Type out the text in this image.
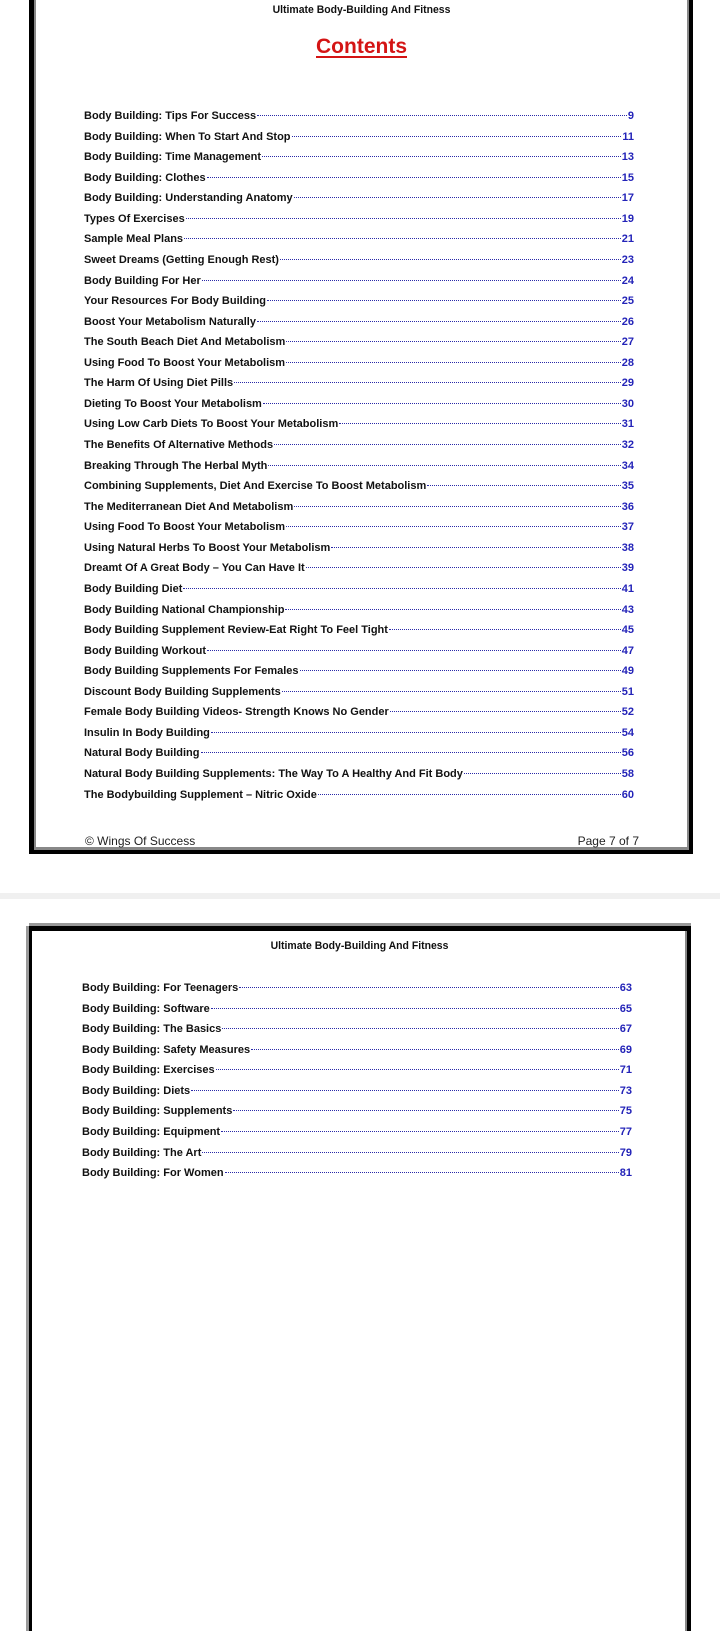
Ultimate Body-Building And Fitness
Contents
Body Building: Tips For Success	9
Body Building: When To Start And Stop	11
Body Building: Time Management	13
Body Building: Clothes	15
Body Building: Understanding Anatomy	17
Types Of Exercises	19
Sample Meal Plans	21
Sweet Dreams (Getting Enough Rest)	23
Body Building For Her	24
Your Resources For Body Building	25
Boost Your Metabolism Naturally	26
The South Beach Diet And Metabolism	27
Using Food To Boost Your Metabolism	28
The Harm Of Using Diet Pills	29
Dieting To Boost Your Metabolism	30
Using Low Carb Diets To Boost Your Metabolism	31
The Benefits Of Alternative Methods	32
Breaking Through The Herbal Myth	34
Combining Supplements, Diet And Exercise To Boost Metabolism	35
The Mediterranean Diet And Metabolism	36
Using Food To Boost Your Metabolism	37
Using Natural Herbs To Boost Your Metabolism	38
Dreamt Of A Great Body – You Can Have It	39
Body Building Diet	41
Body Building National Championship	43
Body Building Supplement Review-Eat Right To Feel Tight	45
Body Building Workout	47
Body Building Supplements For Females	49
Discount Body Building Supplements	51
Female Body Building Videos- Strength Knows No Gender	52
Insulin In Body Building	54
Natural Body Building	56
Natural Body Building Supplements: The Way To A Healthy And Fit Body	58
The Bodybuilding Supplement – Nitric Oxide	60
© Wings Of Success	Page 7 of 7
Ultimate Body-Building And Fitness
Body Building: For Teenagers	63
Body Building: Software	65
Body Building: The Basics	67
Body Building: Safety Measures	69
Body Building: Exercises	71
Body Building: Diets	73
Body Building: Supplements	75
Body Building: Equipment	77
Body Building: The Art	79
Body Building: For Women	81
